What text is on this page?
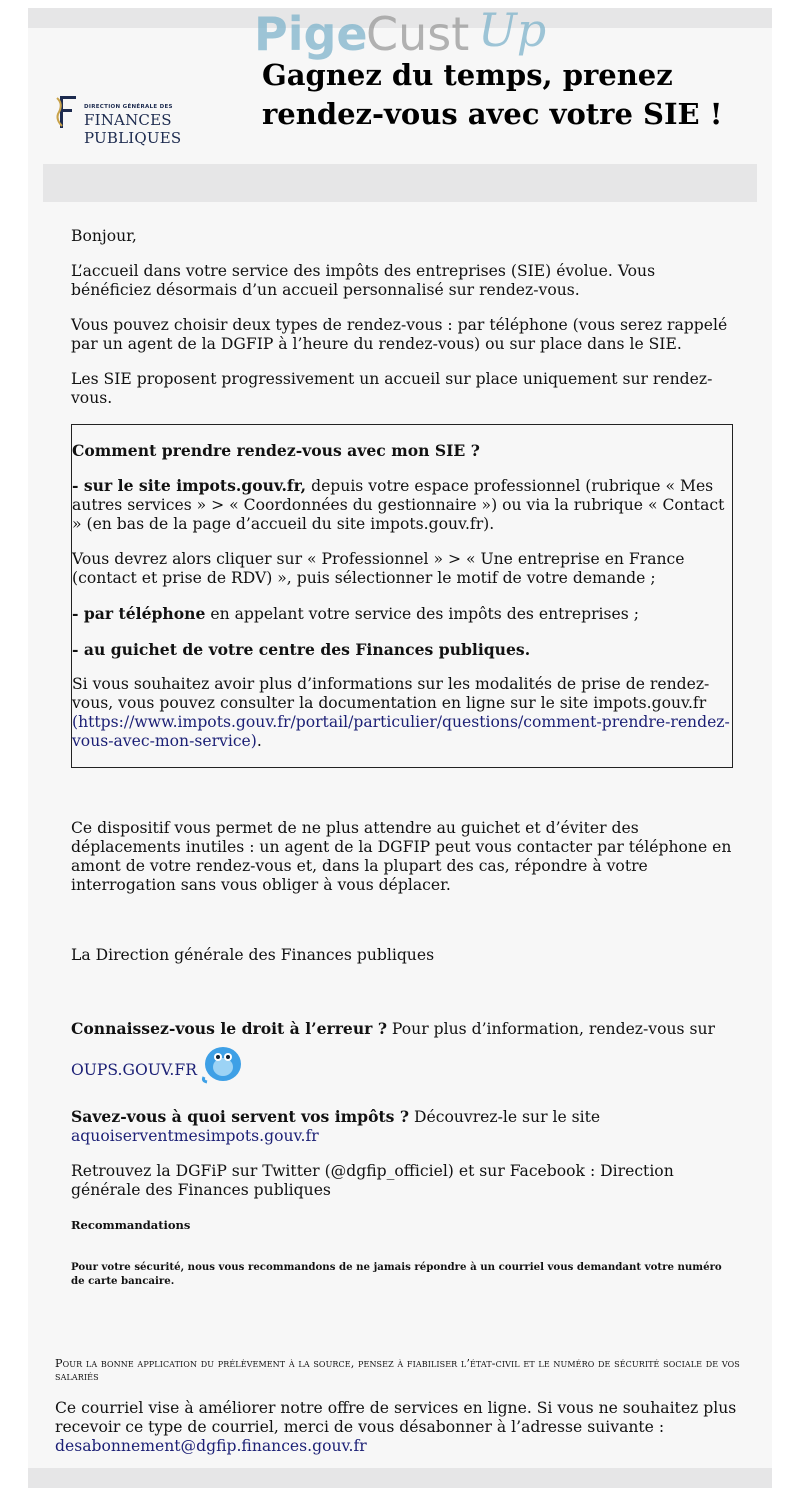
Pige
Cust Up
DIRECTION GÉNÉRALE DES
FINANCES PUBLIQUES
Gagnez du temps, prenez
rendez-vous avec votre SIE !

Bonjour,

L’accueil dans votre service des impôts des entreprises (SIE) évolue. Vous bénéficiez désormais d’un accueil personnalisé sur rendez-vous.

Vous pouvez choisir deux types de rendez-vous : par téléphone (vous serez rappelé par un agent de la DGFIP à l’heure du rendez-vous) ou sur place dans le SIE.

Les SIE proposent progressivement un accueil sur place uniquement sur rendez-vous.

Comment prendre rendez-vous avec mon SIE ?

- sur le site impots.gouv.fr, depuis votre espace professionnel (rubrique « Mes autres services » > « Coordonnées du gestionnaire ») ou via la rubrique « Contact » (en bas de la page d’accueil du site impots.gouv.fr).

Vous devrez alors cliquer sur « Professionnel » > « Une entreprise en France (contact et prise de RDV) », puis sélectionner le motif de votre demande ;

- par téléphone en appelant votre service des impôts des entreprises ;

- au guichet de votre centre des Finances publiques.

Si vous souhaitez avoir plus d’informations sur les modalités de prise de rendez-vous, vous pouvez consulter la documentation en ligne sur le site impots.gouv.fr (https://www.impots.gouv.fr/portail/particulier/questions/comment-prendre-rendez-vous-avec-mon-service).

Ce dispositif vous permet de ne plus attendre au guichet et d’éviter des déplacements inutiles : un agent de la DGFIP peut vous contacter par téléphone en amont de votre rendez-vous et, dans la plupart des cas, répondre à votre interrogation sans vous obliger à vous déplacer.

La Direction générale des Finances publiques

Connaissez-vous le droit à l’erreur ? Pour plus d’information, rendez-vous sur

OUPS.GOUV.FR

Savez-vous à quoi servent vos impôts ? Découvrez-le sur le site
aquoiserventmesimpots.gouv.fr

Retrouvez la DGFiP sur Twitter (@dgfip_officiel) et sur Facebook : Direction générale des Finances publiques

Recommandations

Pour votre sécurité, nous vous recommandons de ne jamais répondre à un courriel vous demandant votre numéro de carte bancaire.

Pour la bonne application du prélèvement à la source, pensez à fiabiliser l’état-civil et le numéro de sécurité sociale de vos salariés
Ce courriel vise à améliorer notre offre de services en ligne. Si vous ne souhaitez plus recevoir ce type de courriel, merci de vous désabonner à l’adresse suivante :
desabonnement@dgfip.finances.gouv.fr
